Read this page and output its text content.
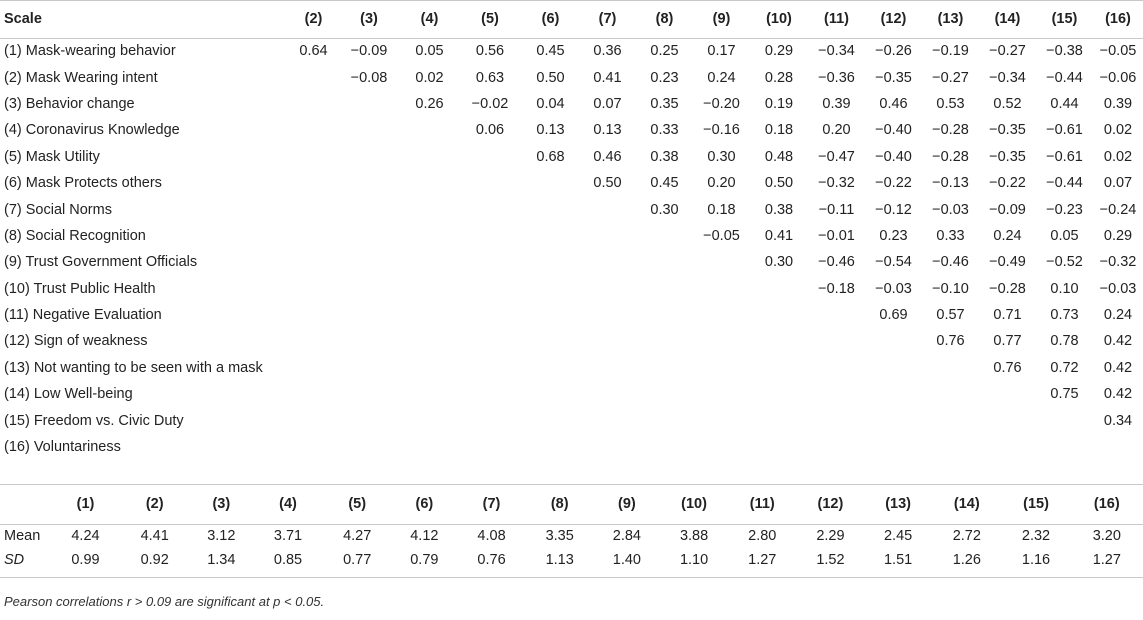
Scale	(2)	(3)	(4)	(5)	(6)	(7)	(8)	(9)	(10)	(11)	(12)	(13)	(14)	(15)	(16)
(1) Mask-wearing behavior	0.64	−0.09	0.05	0.56	0.45	0.36	0.25	0.17	0.29	−0.34	−0.26	−0.19	−0.27	−0.38	−0.05
(2) Mask Wearing intent		−0.08	0.02	0.63	0.50	0.41	0.23	0.24	0.28	−0.36	−0.35	−0.27	−0.34	−0.44	−0.06
(3) Behavior change			0.26	−0.02	0.04	0.07	0.35	−0.20	0.19	0.39	0.46	0.53	0.52	0.44	0.39
(4) Coronavirus Knowledge				0.06	0.13	0.13	0.33	−0.16	0.18	0.20	−0.40	−0.28	−0.35	−0.61	0.02
(5) Mask Utility					0.68	0.46	0.38	0.30	0.48	−0.47	−0.40	−0.28	−0.35	−0.61	0.02
(6) Mask Protects others						0.50	0.45	0.20	0.50	−0.32	−0.22	−0.13	−0.22	−0.44	0.07
(7) Social Norms							0.30	0.18	0.38	−0.11	−0.12	−0.03	−0.09	−0.23	−0.24
(8) Social Recognition								−0.05	0.41	−0.01	0.23	0.33	0.24	0.05	0.29
(9) Trust Government Officials									0.30	−0.46	−0.54	−0.46	−0.49	−0.52	−0.32
(10) Trust Public Health										−0.18	−0.03	−0.10	−0.28	0.10	−0.03
(11) Negative Evaluation											0.69	0.57	0.71	0.73	0.24
(12) Sign of weakness												0.76	0.77	0.78	0.42
(13) Not wanting to be seen with a mask													0.76	0.72	0.42
(14) Low Well-being														0.75	0.42
(15) Freedom vs. Civic Duty															0.34
(16) Voluntariness															
	(1)	(2)	(3)	(4)	(5)	(6)	(7)	(8)	(9)	(10)	(11)	(12)	(13)	(14)	(15)	(16)
Mean	4.24	4.41	3.12	3.71	4.27	4.12	4.08	3.35	2.84	3.88	2.80	2.29	2.45	2.72	2.32	3.20
SD	0.99	0.92	1.34	0.85	0.77	0.79	0.76	1.13	1.40	1.10	1.27	1.52	1.51	1.26	1.16	1.27
Pearson correlations r > 0.09 are significant at p < 0.05.
